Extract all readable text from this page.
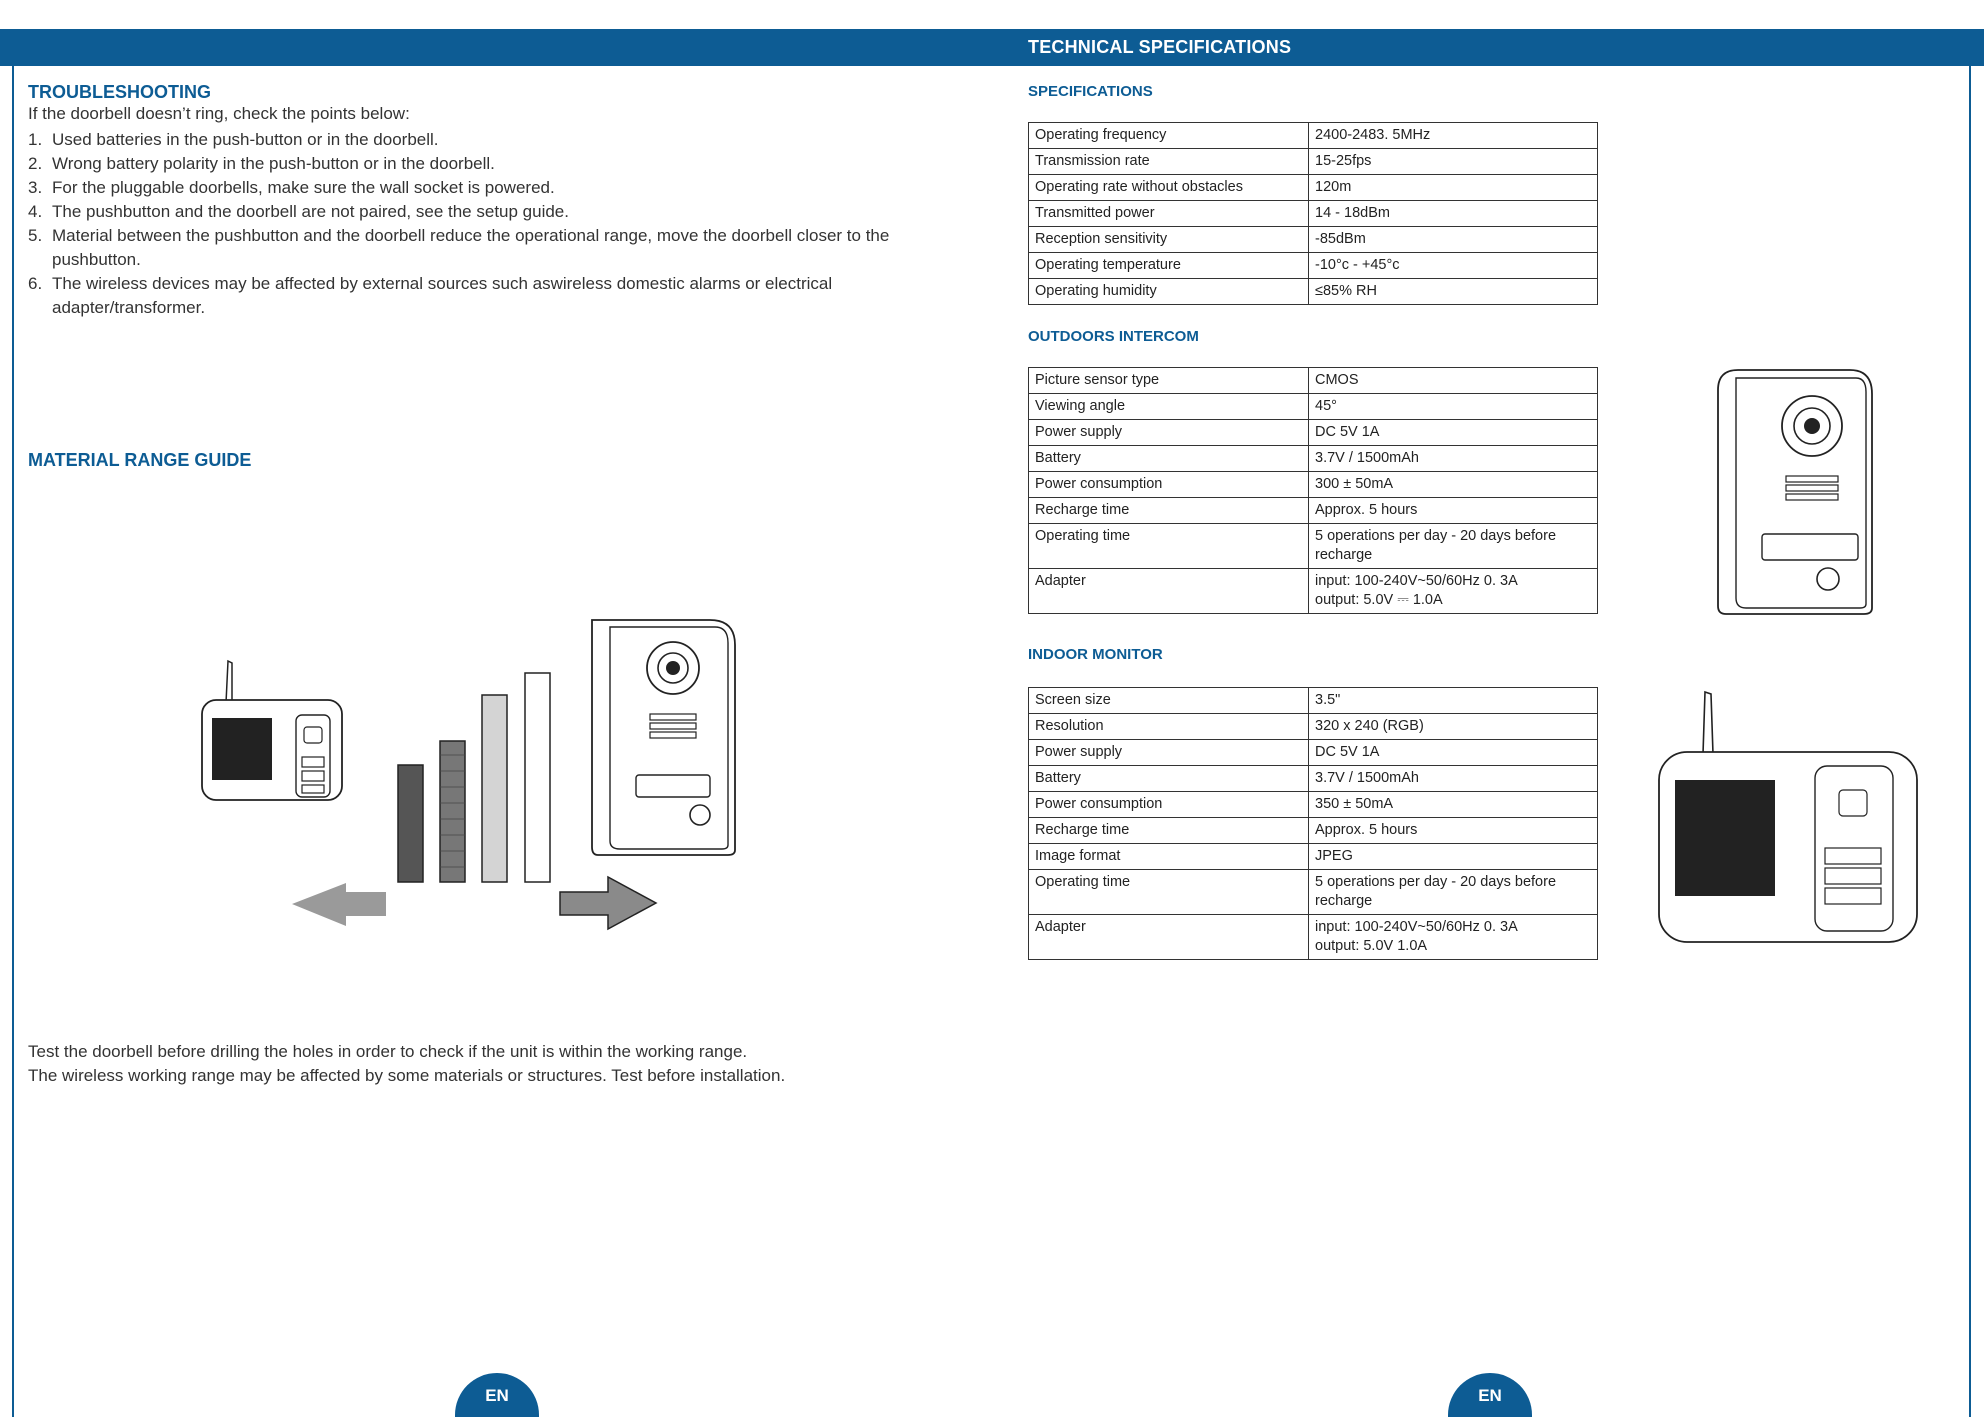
TECHNICAL SPECIFICATIONS
TROUBLESHOOTING
If the doorbell doesn’t ring, check the points below:
1. Used batteries in the push-button or in the doorbell.
2. Wrong battery polarity in the push-button or in the doorbell.
3. For the pluggable doorbells, make sure the wall socket is powered.
4. The pushbutton and the doorbell are not paired, see the setup guide.
5. Material between the pushbutton and the doorbell reduce the operational range, move the doorbell closer to the pushbutton.
6. The wireless devices may be affected by external sources such aswireless domestic alarms or electrical adapter/transformer.
MATERIAL RANGE GUIDE
Test the doorbell before drilling the holes in order to check if the unit is within the working range.
The wireless working range may be affected by some materials or structures. Test before installation.
SPECIFICATIONS
Operating frequency	2400-2483. 5MHz

Transmission rate	15-25fps

Operating rate without obstacles	120m

Transmitted power	14 - 18dBm

Reception sensitivity	-85dBm

Operating temperature	-10°c - +45°c

Operating humidity	≤85% RH
OUTDOORS INTERCOM
Picture sensor type	CMOS

Viewing angle	45°

Power supply	DC 5V 1A

Battery	3.7V / 1500mAh

Power consumption	300 ± 50mA

Recharge time	Approx. 5 hours

Operating time	5 operations per day - 20 days before
recharge

Adapter	input: 100-240V~50/60Hz 0. 3A
output: 5.0V ⎓ 1.0A
INDOOR MONITOR
Screen size	3.5"

Resolution	320 x 240 (RGB)

Power supply	DC 5V 1A

Battery	3.7V / 1500mAh

Power consumption	350 ± 50mA

Recharge time	Approx. 5 hours

Image format	JPEG

Operating time	5 operations per day - 20 days before
recharge

Adapter	input: 100-240V~50/60Hz 0. 3A
output: 5.0V 1.0A
EN	EN
